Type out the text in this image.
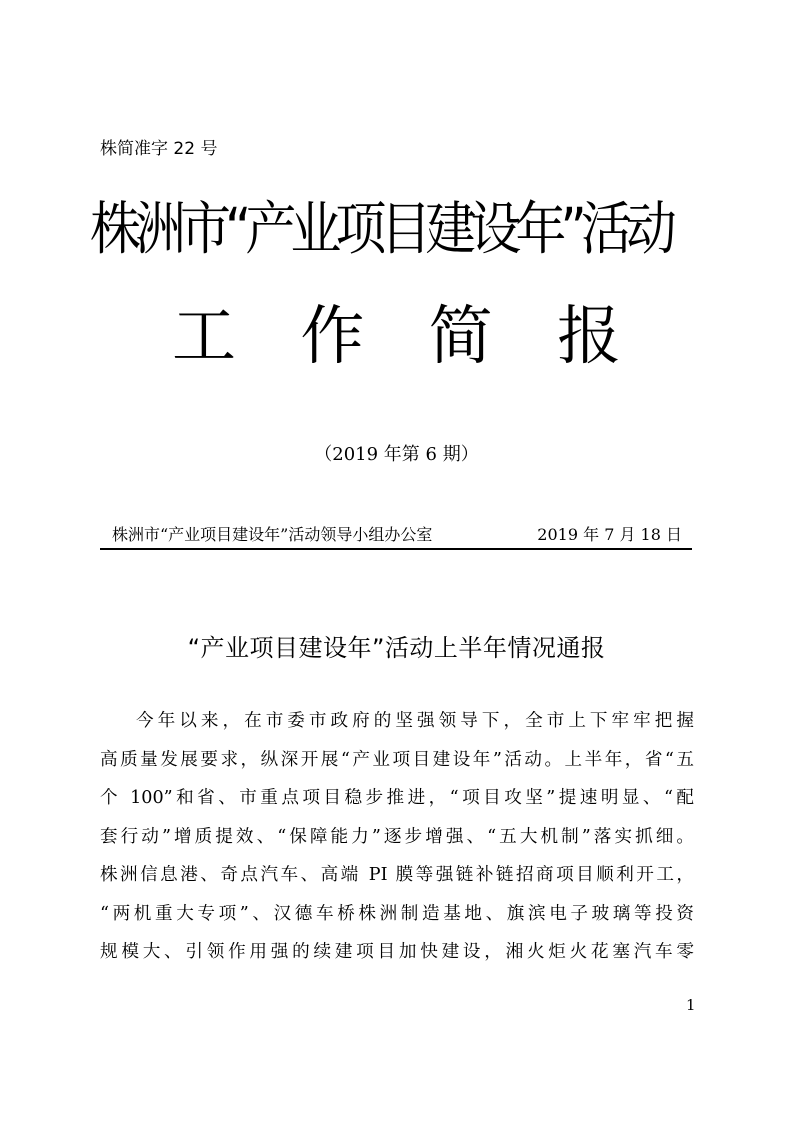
株简准字 22 号
株洲市“产业项目建设年”活动
工 作 简 报
（2019 年第 6 期）
株洲市“产业项目建设年”活动领导小组办公室	2019 年 7 月 18 日
“产业项目建设年”活动上半年情况通报

今年以来，在市委市政府的坚强领导下，全市上下牢牢把握
高质量发展要求，纵深开展“产业项目建设年”活动。上半年，省“五
个 100”和省、市重点项目稳步推进，“项目攻坚”提速明显、“配
套行动”增质提效、“保障能力”逐步增强、“五大机制”落实抓细。
株洲信息港、奇点汽车、高端 PI 膜等强链补链招商项目顺利开工，
“两机重大专项”、汉德车桥株洲制造基地、旗滨电子玻璃等投资
规模大、引领作用强的续建项目加快建设，湘火炬火花塞汽车零

1
